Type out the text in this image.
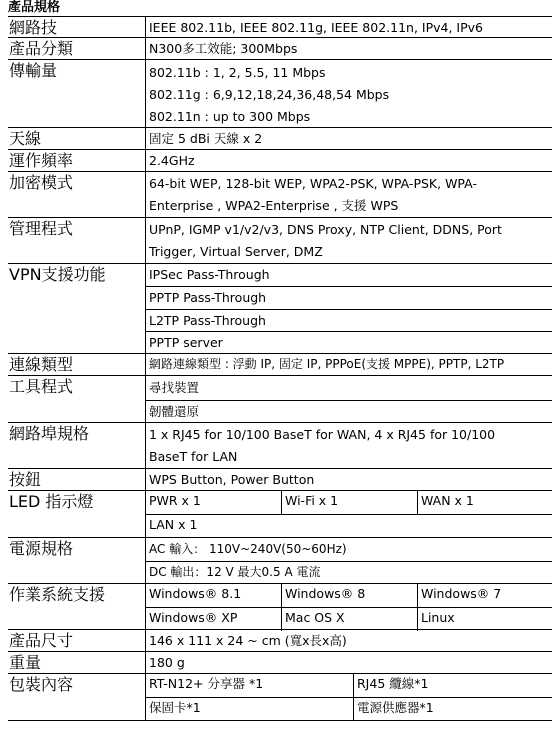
產品規格
網路技	IEEE 802.11b, IEEE 802.11g, IEEE 802.11n, IPv4, IPv6
產品分類	N300多工效能; 300Mbps
傳輸量	802.11b : 1, 2, 5.5, 11 Mbps
802.11g : 6,9,12,18,24,36,48,54 Mbps
802.11n : up to 300 Mbps
天線	固定 5 dBi 天線 x 2
運作頻率	2.4GHz
加密模式	64-bit WEP, 128-bit WEP, WPA2-PSK, WPA-PSK, WPA-
Enterprise , WPA2-Enterprise , 支援 WPS
管理程式	UPnP, IGMP v1/v2/v3, DNS Proxy, NTP Client, DDNS, Port
Trigger, Virtual Server, DMZ
VPN支援功能	IPSec Pass-Through
PPTP Pass-Through
L2TP Pass-Through
PPTP server
連線類型	網路連線類型 : 浮動 IP, 固定 IP, PPPoE(支援 MPPE), PPTP, L2TP
工具程式	尋找裝置
韌體還原
網路埠規格	1 x RJ45 for 10/100 BaseT for WAN, 4 x RJ45 for 10/100
BaseT for LAN
按鈕	WPS Button, Power Button
LED 指示燈	PWR x 1	Wi-Fi x 1	WAN x 1
LAN x 1
電源規格	AC 輸入： 110V~240V(50~60Hz)
DC 輸出：12 V 最大0.5 A 電流
作業系統支援	Windows® 8.1	Windows® 8	Windows® 7
Windows® XP	Mac OS X	Linux
產品尺寸	146 x 111 x 24 ~ cm (寬x長x高)
重量	180 g
包裝內容	RT-N12+ 分享器 *1	RJ45 纜線*1
保固卡*1	電源供應器*1
